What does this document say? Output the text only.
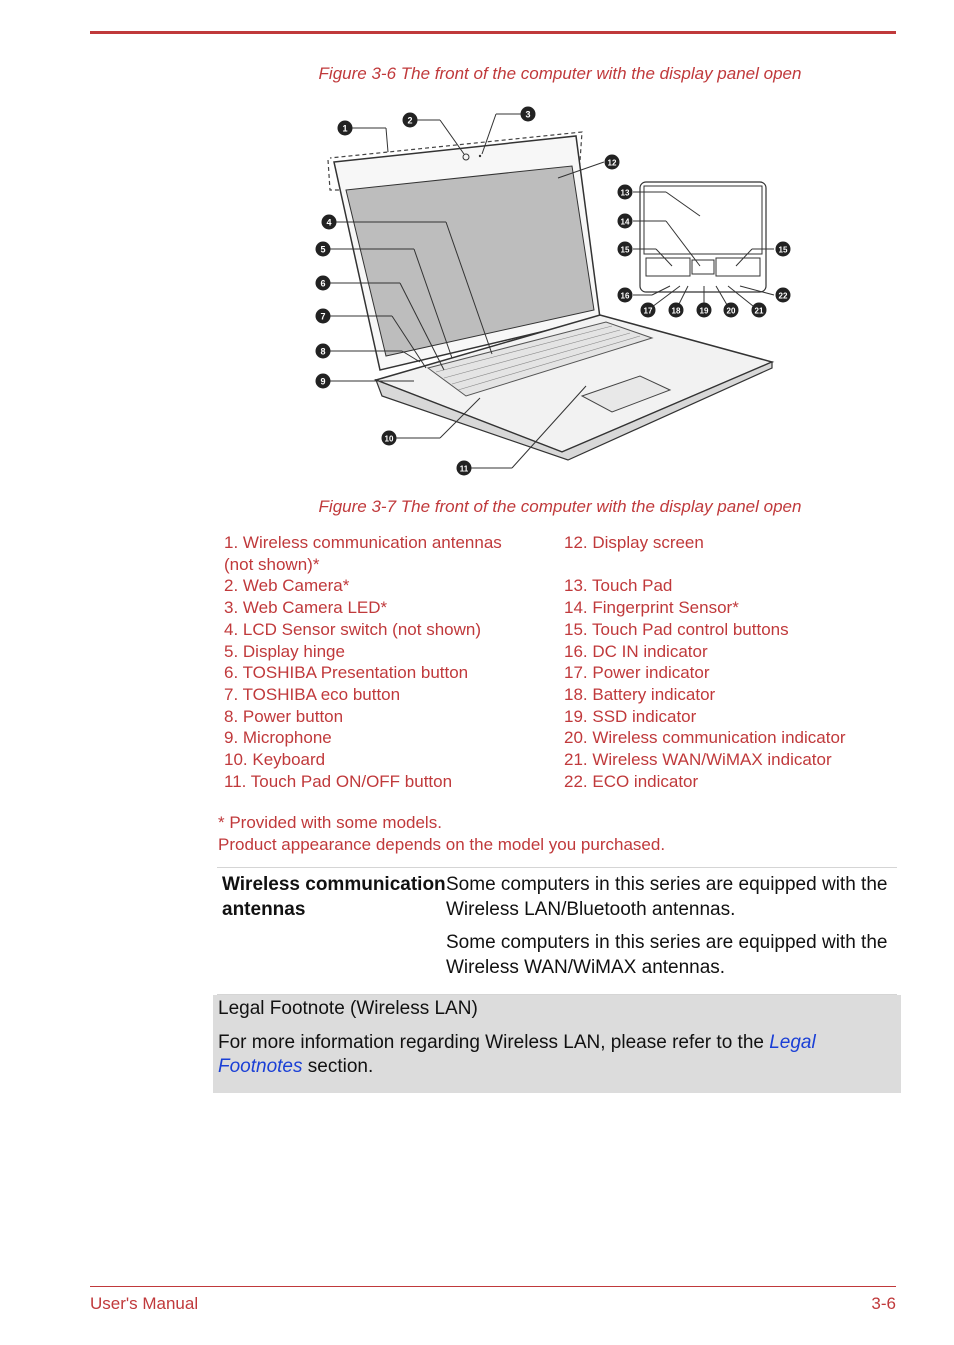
Figure 3-6 The front of the computer with the display panel open
1
2
3
4
5
6
7
8
9
10
11
12
13
14
15	15
16
17 18 19 20 21
22
Figure 3-7 The front of the computer with the display panel open
1. Wireless communication antennas (not shown)*
2. Web Camera*
3. Web Camera LED*
4. LCD Sensor switch (not shown)
5. Display hinge
6. TOSHIBA Presentation button
7. TOSHIBA eco button
8. Power button
9. Microphone
10. Keyboard
11. Touch Pad ON/OFF button
12. Display screen
13. Touch Pad
14. Fingerprint Sensor*
15. Touch Pad control buttons
16. DC IN indicator
17. Power indicator
18. Battery indicator
19. SSD indicator
20. Wireless communication indicator
21. Wireless WAN/WiMAX indicator
22. ECO indicator
* Provided with some models.
Product appearance depends on the model you purchased.
Wireless communication antennas

Some computers in this series are equipped with the Wireless LAN/Bluetooth antennas.

Some computers in this series are equipped with the Wireless WAN/WiMAX antennas.

Legal Footnote (Wireless LAN)
For more information regarding Wireless LAN, please refer to the Legal Footnotes section.
User's Manual	3-6
